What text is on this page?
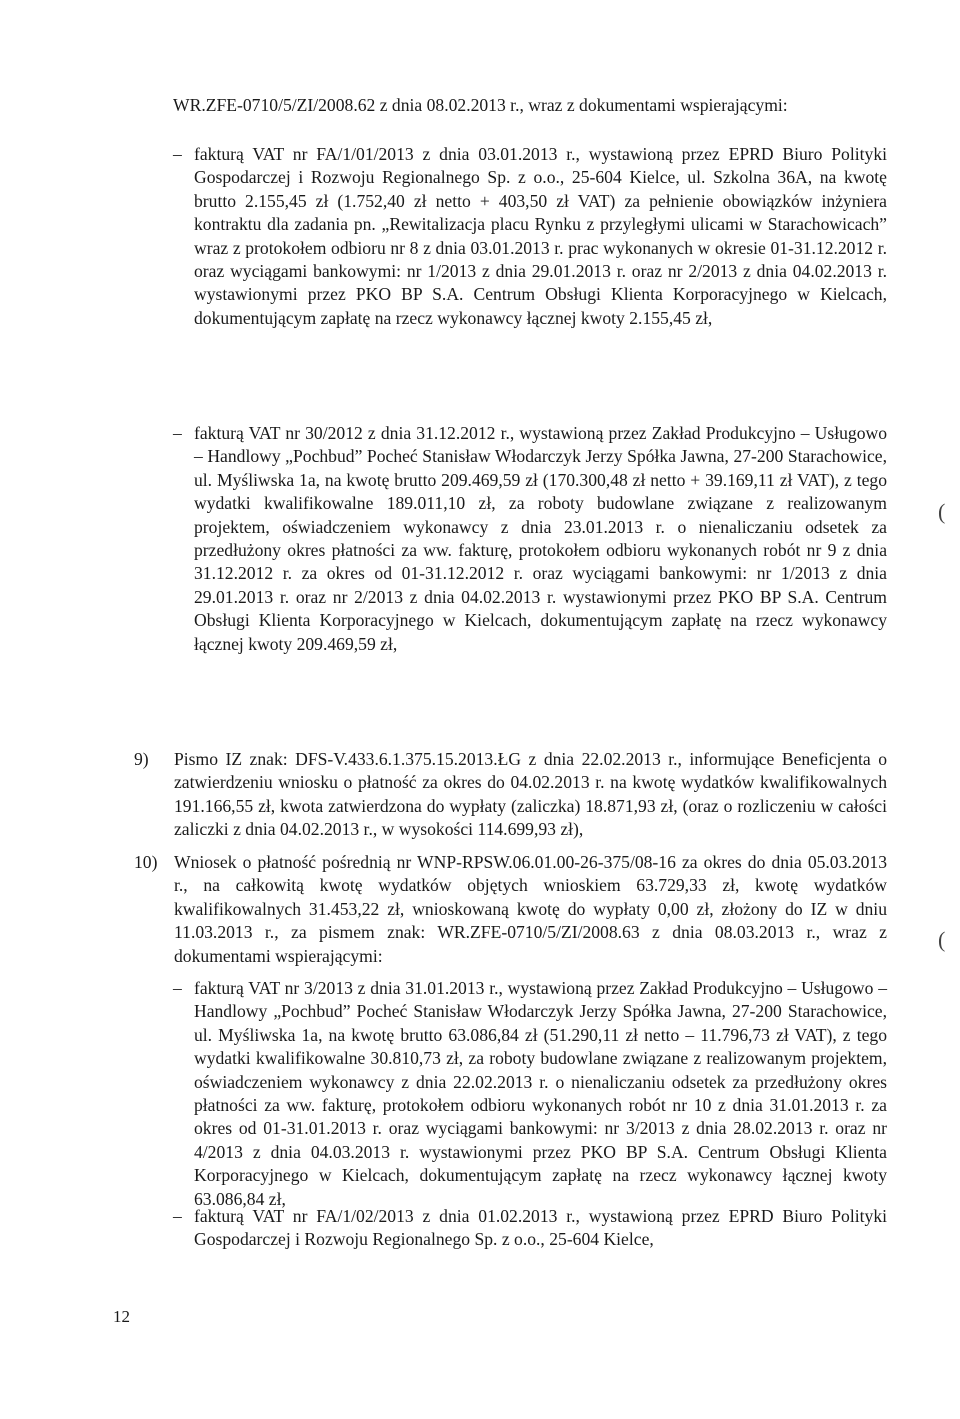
WR.ZFE-0710/5/ZI/2008.62 z dnia 08.02.2013 r., wraz z dokumentami wspierającymi:
– fakturą VAT nr FA/1/01/2013 z dnia 03.01.2013 r., wystawioną przez EPRD Biuro Polityki Gospodarczej i Rozwoju Regionalnego Sp. z o.o., 25-604 Kielce, ul. Szkolna 36A, na kwotę brutto 2.155,45 zł (1.752,40 zł netto + 403,50 zł VAT) za pełnienie obowiązków inżyniera kontraktu dla zadania pn. „Rewitalizacja placu Rynku z przyległymi ulicami w Starachowicach” wraz z protokołem odbioru nr 8 z dnia 03.01.2013 r. prac wykonanych w okresie 01-31.12.2012 r. oraz wyciągami bankowymi: nr 1/2013 z dnia 29.01.2013 r. oraz nr 2/2013 z dnia 04.02.2013 r. wystawionymi przez PKO BP S.A. Centrum Obsługi Klienta Korporacyjnego w Kielcach, dokumentującym zapłatę na rzecz wykonawcy łącznej kwoty 2.155,45 zł,
– fakturą VAT nr 30/2012 z dnia 31.12.2012 r., wystawioną przez Zakład Produkcyjno – Usługowo – Handlowy „Pochbud” Pocheć Stanisław Włodarczyk Jerzy Spółka Jawna, 27-200 Starachowice, ul. Myśliwska 1a, na kwotę brutto 209.469,59 zł (170.300,48 zł netto + 39.169,11 zł VAT), z tego wydatki kwalifikowalne 189.011,10 zł, za roboty budowlane związane z realizowanym projektem, oświadczeniem wykonawcy z dnia 23.01.2013 r. o nienaliczaniu odsetek za przedłużony okres płatności za ww. fakturę, protokołem odbioru wykonanych robót nr 9 z dnia 31.12.2012 r. za okres od 01-31.12.2012 r. oraz wyciągami bankowymi: nr 1/2013 z dnia 29.01.2013 r. oraz nr 2/2013 z dnia 04.02.2013 r. wystawionymi przez PKO BP S.A. Centrum Obsługi Klienta Korporacyjnego w Kielcach, dokumentującym zapłatę na rzecz wykonawcy łącznej kwoty 209.469,59 zł,
9) Pismo IZ znak: DFS-V.433.6.1.375.15.2013.ŁG z dnia 22.02.2013 r., informujące Beneficjenta o zatwierdzeniu wniosku o płatność za okres do 04.02.2013 r. na kwotę wydatków kwalifikowalnych 191.166,55 zł, kwota zatwierdzona do wypłaty (zaliczka) 18.871,93 zł, (oraz o rozliczeniu w całości zaliczki z dnia 04.02.2013 r., w wysokości 114.699,93 zł),
10) Wniosek o płatność pośrednią nr WNP-RPSW.06.01.00-26-375/08-16 za okres do dnia 05.03.2013 r., na całkowitą kwotę wydatków objętych wnioskiem 63.729,33 zł, kwotę wydatków kwalifikowalnych 31.453,22 zł, wnioskowaną kwotę do wypłaty 0,00 zł, złożony do IZ w dniu 11.03.2013 r., za pismem znak: WR.ZFE-0710/5/ZI/2008.63 z dnia 08.03.2013 r., wraz z dokumentami wspierającymi:
– fakturą VAT nr 3/2013 z dnia 31.01.2013 r., wystawioną przez Zakład Produkcyjno – Usługowo – Handlowy „Pochbud” Pocheć Stanisław Włodarczyk Jerzy Spółka Jawna, 27-200 Starachowice, ul. Myśliwska 1a, na kwotę brutto 63.086,84 zł (51.290,11 zł netto – 11.796,73 zł VAT), z tego wydatki kwalifikowalne 30.810,73 zł, za roboty budowlane związane z realizowanym projektem, oświadczeniem wykonawcy z dnia 22.02.2013 r. o nienaliczaniu odsetek za przedłużony okres płatności za ww. fakturę, protokołem odbioru wykonanych robót nr 10 z dnia 31.01.2013 r. za okres od 01-31.01.2013 r. oraz wyciągami bankowymi: nr 3/2013 z dnia 28.02.2013 r. oraz nr 4/2013 z dnia 04.03.2013 r. wystawionymi przez PKO BP S.A. Centrum Obsługi Klienta Korporacyjnego w Kielcach, dokumentującym zapłatę na rzecz wykonawcy łącznej kwoty 63.086,84 zł,
– fakturą VAT nr FA/1/02/2013 z dnia 01.02.2013 r., wystawioną przez EPRD Biuro Polityki Gospodarczej i Rozwoju Regionalnego Sp. z o.o., 25-604 Kielce,
(
(
12
